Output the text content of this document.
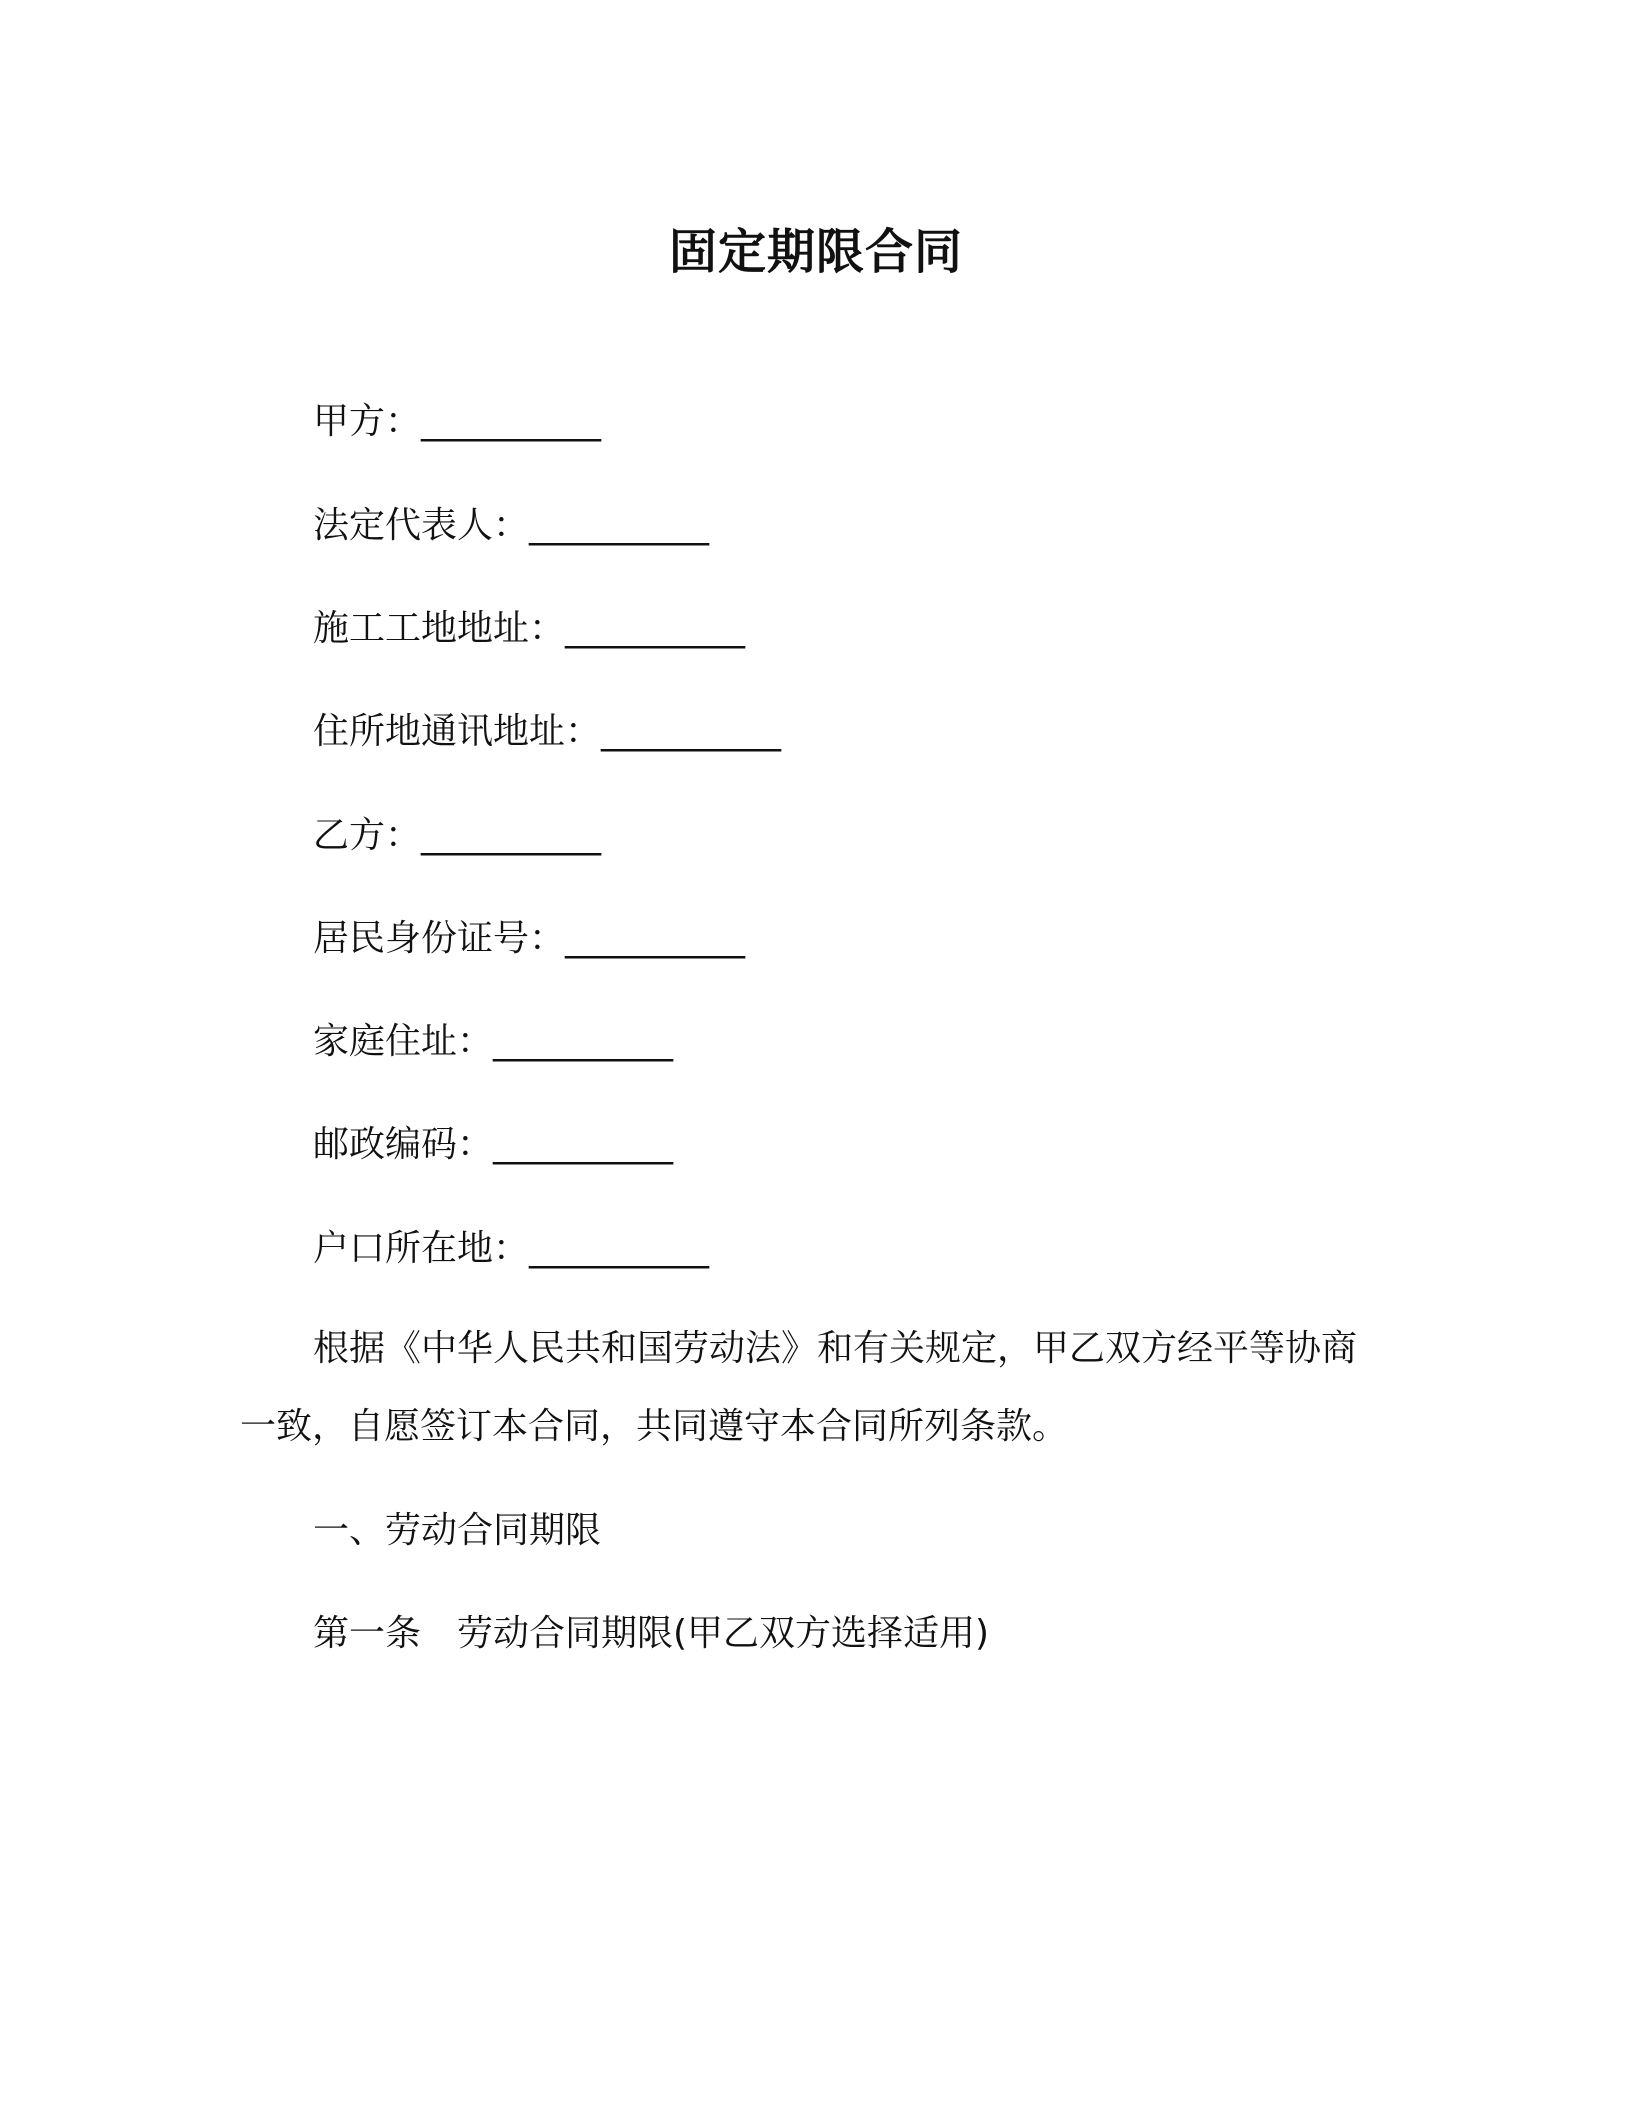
固定期限合同
甲方：__________
法定代表人：__________
施工工地地址：__________
住所地通讯地址：__________
乙方：__________
居民身份证号：__________
家庭住址：__________
邮政编码：__________
户口所在地：__________

根据《中华人民共和国劳动法》和有关规定，甲乙双方经平等协商一致，自愿签订本合同，共同遵守本合同所列条款。

一、劳动合同期限
第一条　劳动合同期限(甲乙双方选择适用)
